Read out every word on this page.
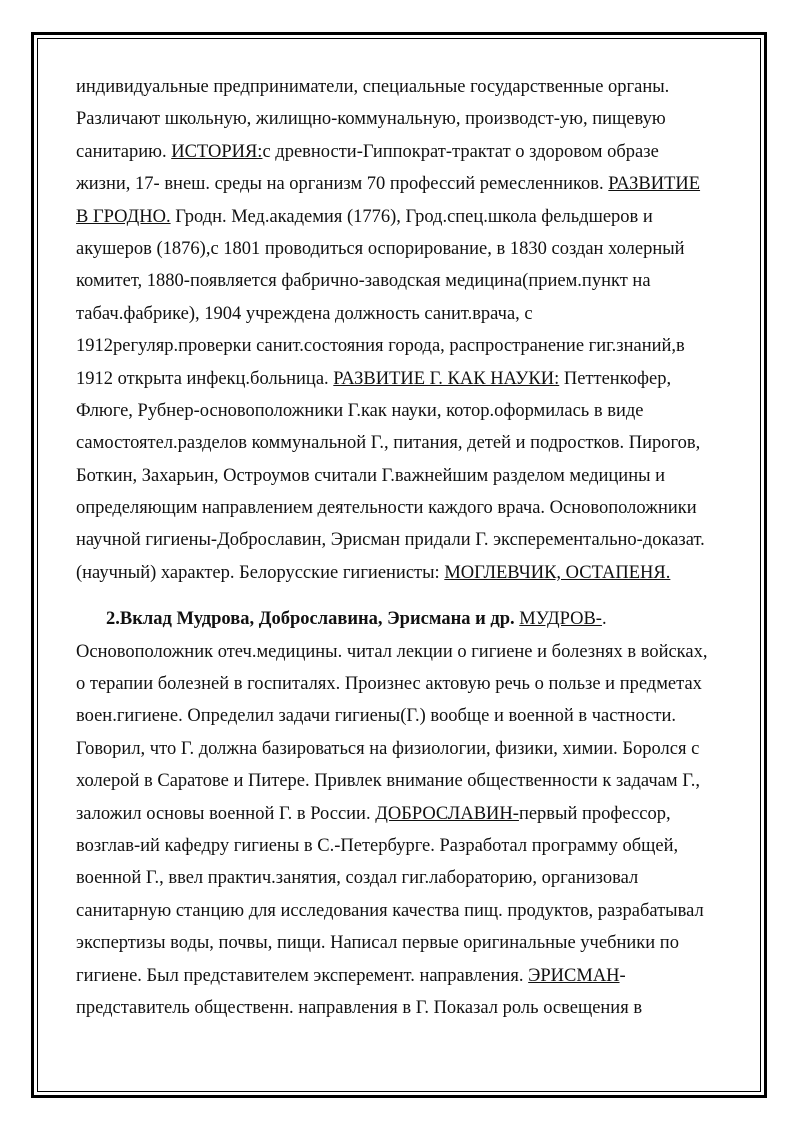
индивидуальные предприниматели, специальные государственные органы.
Различают школьную, жилищно-коммунальную, производст-ую, пищевую
санитарию. ИСТОРИЯ:с древности-Гиппократ-трактат о здоровом образе
жизни, 17- внеш. среды на организм 70 профессий ремесленников. РАЗВИТИЕ
В ГРОДНО. Гродн. Мед.академия (1776), Грод.спец.школа фельдшеров и
акушеров (1876),с 1801 проводиться оспорирование, в 1830 создан холерный
комитет, 1880-появляется фабрично-заводская медицина(прием.пункт на
табач.фабрике), 1904 учреждена должность санит.врача, с
1912регуляр.проверки санит.состояния города, распространение гиг.знаний,в
1912 открыта инфекц.больница. РАЗВИТИЕ Г. КАК НАУКИ: Петтенкофер,
Флюге, Рубнер-основоположники Г.как науки, котор.оформилась в виде
самостоятел.разделов коммунальной Г., питания, детей и подростков. Пирогов,
Боткин, Захарьин, Остроумов считали Г.важнейшим разделом медицины и
определяющим направлением деятельности каждого врача. Основоположники
научной гигиены-Доброславин, Эрисман придали Г. эксперементально-доказат.
(научный) характер. Белорусские гигиенисты: МОГЛЕВЧИК, ОСТАПЕНЯ.
2.Вклад Мудрова, Доброславина, Эрисмана и др. МУДРОВ-.
Основоположник отеч.медицины. читал лекции о гигиене и болезнях в войсках,
о терапии болезней в госпиталях. Произнес актовую речь о пользе и предметах
воен.гигиене. Определил задачи гигиены(Г.) вообще и военной в частности.
Говорил, что Г. должна базироваться на физиологии, физики, химии. Боролся с
холерой в Саратове и Питере. Привлек внимание общественности к задачам Г.,
заложил основы военной Г. в России. ДОБРОСЛАВИН-первый профессор,
возглав-ий кафедру гигиены в С.-Петербурге. Разработал программу общей,
военной Г., ввел практич.занятия, создал гиг.лабораторию, организовал
санитарную станцию для исследования качества пищ. продуктов, разрабатывал
экспертизы воды, почвы, пищи. Написал первые оригинальные учебники по
гигиене. Был представителем эксперемент. направления. ЭРИСМАН-
представитель общественн. направления в Г. Показал роль освещения в
